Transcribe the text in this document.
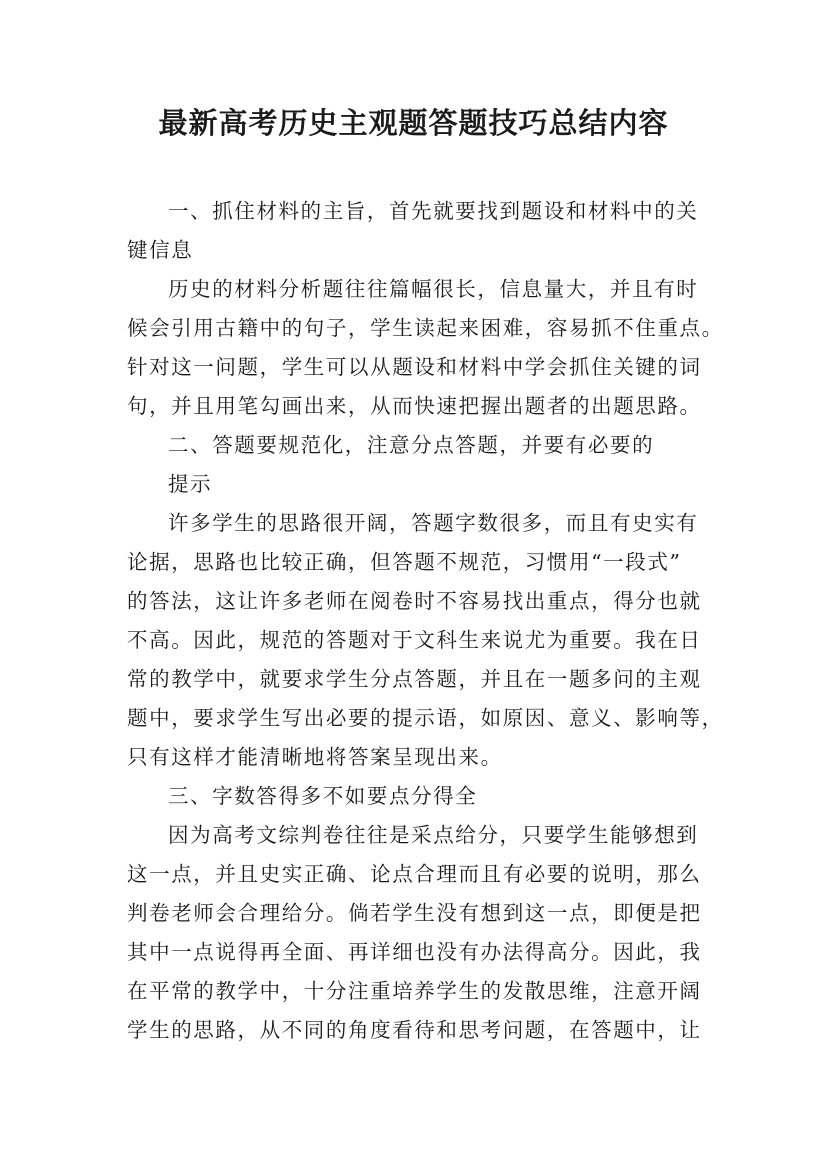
最新高考历史主观题答题技巧总结内容

一、抓住材料的主旨，首先就要找到题设和材料中的关

键信息

历史的材料分析题往往篇幅很长，信息量大，并且有时

候会引用古籍中的句子，学生读起来困难，容易抓不住重点。

针对这一问题，学生可以从题设和材料中学会抓住关键的词

句，并且用笔勾画出来，从而快速把握出题者的出题思路。

二、答题要规范化，注意分点答题，并要有必要的

提示

许多学生的思路很开阔，答题字数很多，而且有史实有

论据，思路也比较正确，但答题不规范，习惯用“一段式”

的答法，这让许多老师在阅卷时不容易找出重点，得分也就

不高。因此，规范的答题对于文科生来说尤为重要。我在日

常的教学中，就要求学生分点答题，并且在一题多问的主观

题中，要求学生写出必要的提示语，如原因、意义、影响等，

只有这样才能清晰地将答案呈现出来。

三、字数答得多不如要点分得全

因为高考文综判卷往往是采点给分，只要学生能够想到

这一点，并且史实正确、论点合理而且有必要的说明，那么

判卷老师会合理给分。倘若学生没有想到这一点，即便是把

其中一点说得再全面、再详细也没有办法得高分。因此，我

在平常的教学中，十分注重培养学生的发散思维，注意开阔

学生的思路，从不同的角度看待和思考问题，在答题中，让
